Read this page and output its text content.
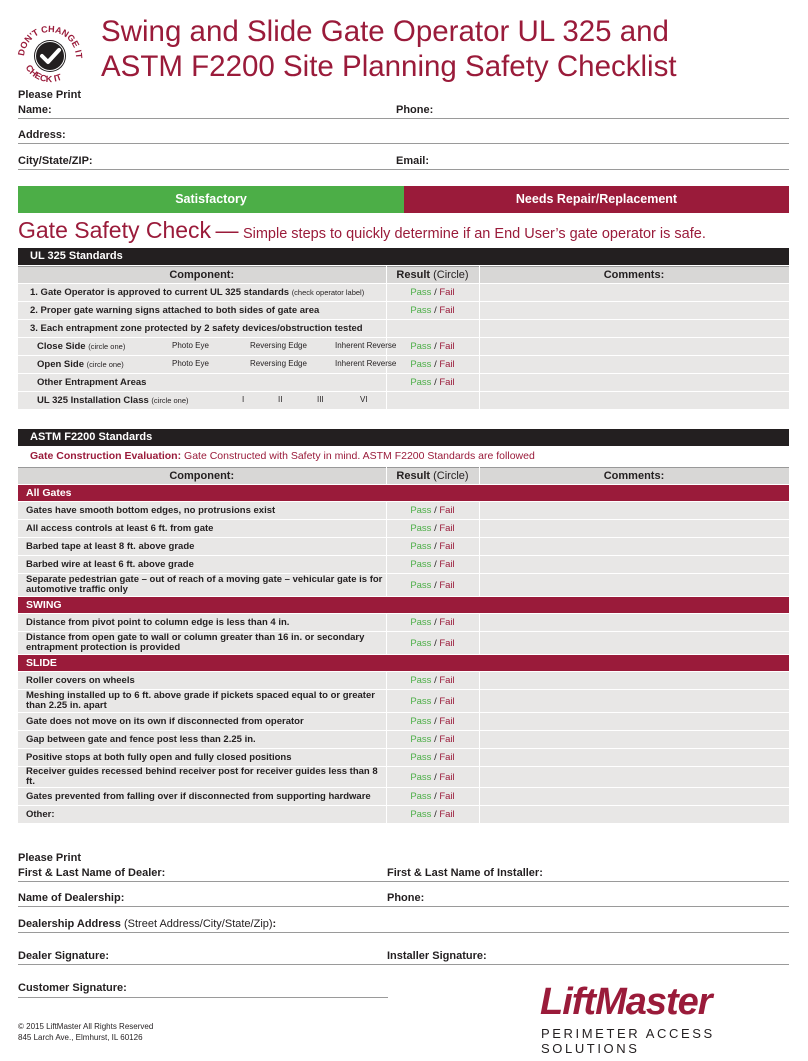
DON'T CHANGE IT
CHECK IT
Swing and Slide Gate Operator UL 325 and
ASTM F2200 Site Planning Safety Checklist
Please Print
Name:	Phone:
Address:
City/State/ZIP:	Email:
Satisfactory	Needs Repair/Replacement
Gate Safety Check — Simple steps to quickly determine if an End User’s gate operator is safe.
UL 325 Standards
Component:	Result (Circle)	Comments:
1. Gate Operator is approved to current UL 325 standards (check operator label)	Pass / Fail	
2. Proper gate warning signs attached to both sides of gate area	Pass / Fail	
3. Each entrapment zone protected by 2 safety devices/obstruction tested		
Close Side (circle one) Photo Eye Reversing Edge Inherent Reverse	Pass / Fail	
Open Side (circle one) Photo Eye Reversing Edge Inherent Reverse	Pass / Fail	
Other Entrapment Areas	Pass / Fail	
UL 325 Installation Class (circle one) I II III VI		

ASTM F2200 Standards
Gate Construction Evaluation: Gate Constructed with Safety in mind. ASTM F2200 Standards are followed
Component:	Result (Circle)	Comments:
All Gates		
Gates have smooth bottom edges, no protrusions exist	Pass / Fail	
All access controls at least 6 ft. from gate	Pass / Fail	
Barbed tape at least 8 ft. above grade	Pass / Fail	
Barbed wire at least 6 ft. above grade	Pass / Fail	
Separate pedestrian gate – out of reach of a moving gate – vehicular gate is for automotive traffic only	Pass / Fail	
SWING		
Distance from pivot point to column edge is less than 4 in.	Pass / Fail	
Distance from open gate to wall or column greater than 16 in. or secondary entrapment protection is provided	Pass / Fail	
SLIDE		
Roller covers on wheels	Pass / Fail	
Meshing installed up to 6 ft. above grade if pickets spaced equal to or greater than 2.25 in. apart	Pass / Fail	
Gate does not move on its own if disconnected from operator	Pass / Fail	
Gap between gate and fence post less than 2.25 in.	Pass / Fail	
Positive stops at both fully open and fully closed positions	Pass / Fail	
Receiver guides recessed behind receiver post for receiver guides less than 8 ft.	Pass / Fail	
Gates prevented from falling over if disconnected from supporting hardware	Pass / Fail	
Other:	Pass / Fail	
Please Print
First & Last Name of Dealer:	First & Last Name of Installer:
Name of Dealership:	Phone:
Dealership Address (Street Address/City/State/Zip):
Dealer Signature:	Installer Signature:
Customer Signature:
© 2015 LiftMaster All Rights Reserved
845 Larch Ave., Elmhurst, IL 60126
LiftMaster
PERIMETER ACCESS SOLUTIONS
